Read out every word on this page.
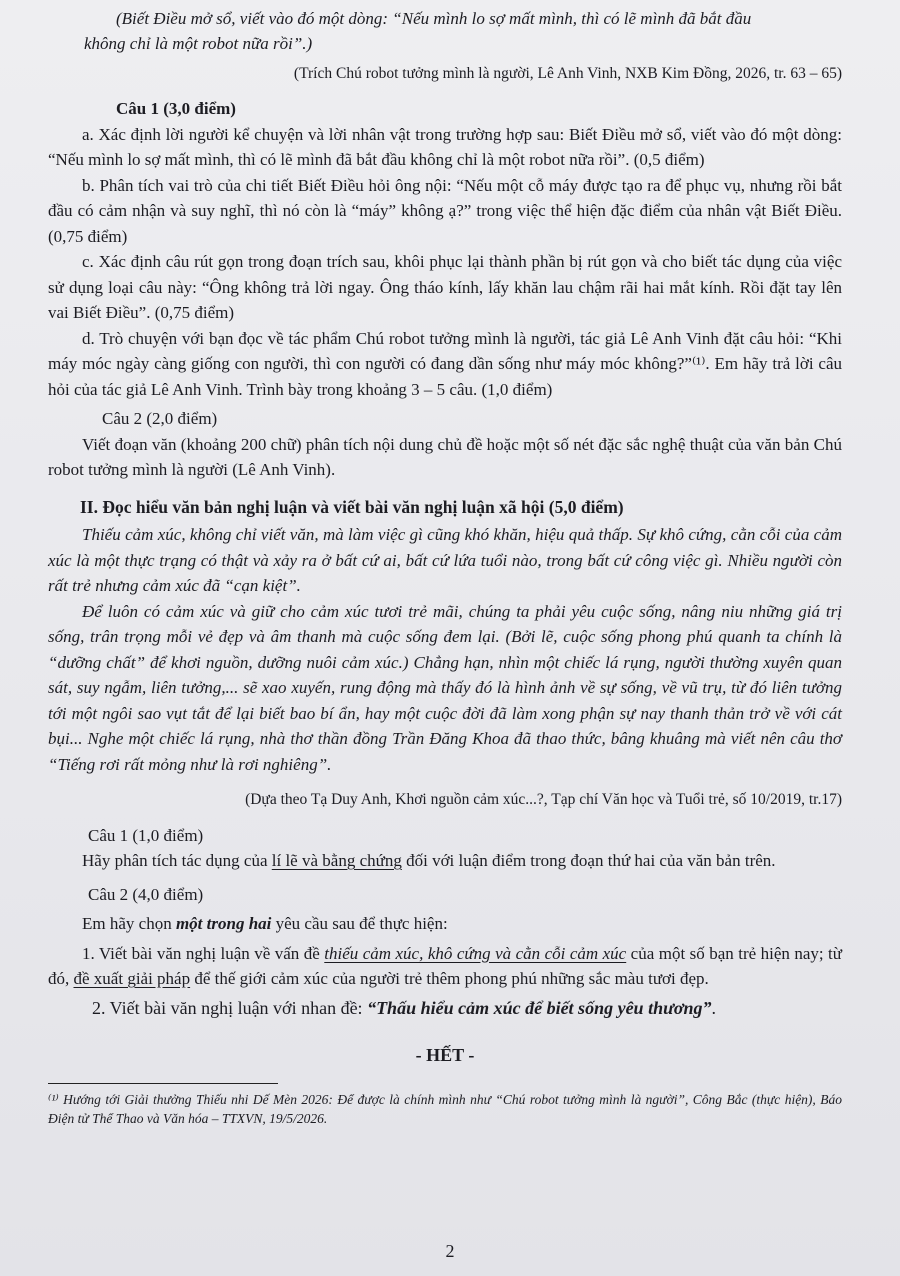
(Biết Điều mở sổ, viết vào đó một dòng: “Nếu mình lo sợ mất mình, thì có lẽ mình đã bắt đầu

không chỉ là một robot nữa rồi”.)

(Trích Chú robot tưởng mình là người, Lê Anh Vinh, NXB Kim Đồng, 2026, tr. 63 – 65)

Câu 1 (3,0 điểm)

a. Xác định lời người kể chuyện và lời nhân vật trong trường hợp sau: Biết Điều mở sổ, viết vào đó một dòng: “Nếu mình lo sợ mất mình, thì có lẽ mình đã bắt đầu không chỉ là một robot nữa rồi”. (0,5 điểm)

b. Phân tích vai trò của chi tiết Biết Điều hỏi ông nội: “Nếu một cỗ máy được tạo ra để phục vụ, nhưng rồi bắt đầu có cảm nhận và suy nghĩ, thì nó còn là “máy” không ạ?” trong việc thể hiện đặc điểm của nhân vật Biết Điều. (0,75 điểm)

c. Xác định câu rút gọn trong đoạn trích sau, khôi phục lại thành phần bị rút gọn và cho biết tác dụng của việc sử dụng loại câu này: “Ông không trả lời ngay. Ông tháo kính, lấy khăn lau chậm rãi hai mắt kính. Rồi đặt tay lên vai Biết Điều”. (0,75 điểm)

d. Trò chuyện với bạn đọc về tác phẩm Chú robot tưởng mình là người, tác giả Lê Anh Vinh đặt câu hỏi: “Khi máy móc ngày càng giống con người, thì con người có đang dần sống như máy móc không?”⁽¹⁾. Em hãy trả lời câu hỏi của tác giả Lê Anh Vinh. Trình bày trong khoảng 3 – 5 câu. (1,0 điểm)

Câu 2 (2,0 điểm)

Viết đoạn văn (khoảng 200 chữ) phân tích nội dung chủ đề hoặc một số nét đặc sắc nghệ thuật của văn bản Chú robot tưởng mình là người (Lê Anh Vinh).

II. Đọc hiểu văn bản nghị luận và viết bài văn nghị luận xã hội (5,0 điểm)

Thiếu cảm xúc, không chỉ viết văn, mà làm việc gì cũng khó khăn, hiệu quả thấp. Sự khô cứng, cằn cỗi của cảm xúc là một thực trạng có thật và xảy ra ở bất cứ ai, bất cứ lứa tuổi nào, trong bất cứ công việc gì. Nhiều người còn rất trẻ nhưng cảm xúc đã “cạn kiệt”.

Để luôn có cảm xúc và giữ cho cảm xúc tươi trẻ mãi, chúng ta phải yêu cuộc sống, nâng niu những giá trị sống, trân trọng mỗi vẻ đẹp và âm thanh mà cuộc sống đem lại. (Bởi lẽ, cuộc sống phong phú quanh ta chính là “dưỡng chất” để khơi nguồn, dưỡng nuôi cảm xúc.) Chẳng hạn, nhìn một chiếc lá rụng, người thường xuyên quan sát, suy ngẫm, liên tưởng,... sẽ xao xuyến, rung động mà thấy đó là hình ảnh về sự sống, về vũ trụ, từ đó liên tưởng tới một ngôi sao vụt tắt để lại biết bao bí ẩn, hay một cuộc đời đã làm xong phận sự nay thanh thản trở về với cát bụi... Nghe một chiếc lá rụng, nhà thơ thần đồng Trần Đăng Khoa đã thao thức, bâng khuâng mà viết nên câu thơ “Tiếng rơi rất mỏng như là rơi nghiêng”.

(Dựa theo Tạ Duy Anh, Khơi nguồn cảm xúc...?, Tạp chí Văn học và Tuổi trẻ, số 10/2019, tr.17)

Câu 1 (1,0 điểm)

Hãy phân tích tác dụng của lí lẽ và bằng chứng đối với luận điểm trong đoạn thứ hai của văn bản trên.

Câu 2 (4,0 điểm)

Em hãy chọn một trong hai yêu cầu sau để thực hiện:

1. Viết bài văn nghị luận về vấn đề thiếu cảm xúc, khô cứng và cằn cỗi cảm xúc của một số bạn trẻ hiện nay; từ đó, đề xuất giải pháp để thế giới cảm xúc của người trẻ thêm phong phú những sắc màu tươi đẹp.

2. Viết bài văn nghị luận với nhan đề: “Thấu hiểu cảm xúc để biết sống yêu thương”.

- HẾT -

⁽¹⁾ Hướng tới Giải thưởng Thiếu nhi Dế Mèn 2026: Để được là chính mình như “Chú robot tưởng mình là người”, Công Bắc (thực hiện), Báo Điện tử Thể Thao và Văn hóa – TTXVN, 19/5/2026.

2
